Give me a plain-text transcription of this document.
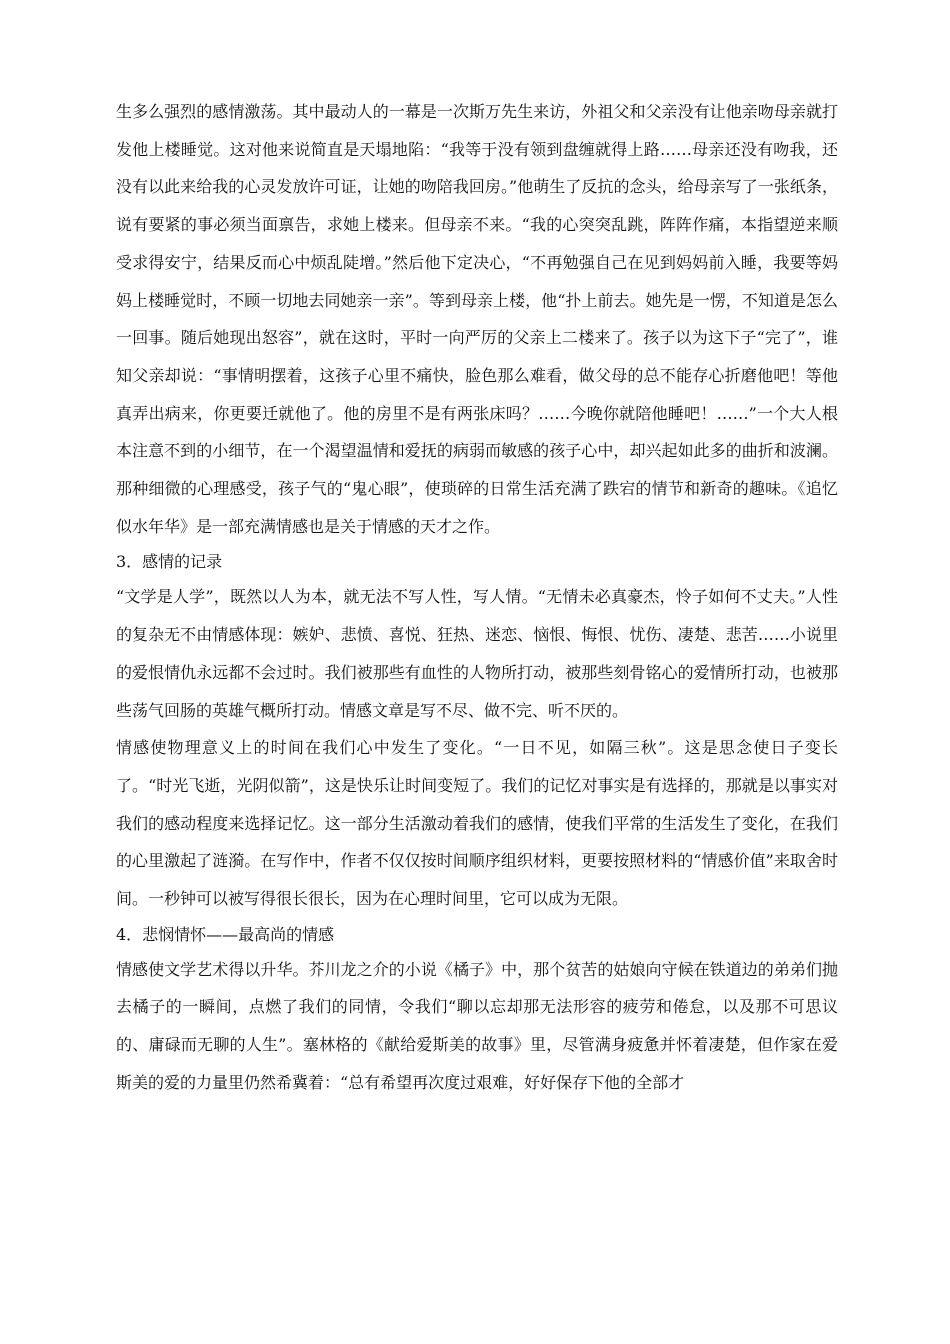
生多么强烈的感情激荡。其中最动人的一幕是一次斯万先生来访，外祖父和父亲没有让他亲吻母亲就打发他上楼睡觉。这对他来说简直是天塌地陷：“我等于没有领到盘缠就得上路……母亲还没有吻我，还没有以此来给我的心灵发放许可证，让她的吻陪我回房。”他萌生了反抗的念头，给母亲写了一张纸条，说有要紧的事必须当面禀告，求她上楼来。但母亲不来。“我的心突突乱跳，阵阵作痛，本指望逆来顺受求得安宁，结果反而心中烦乱陡增。”然后他下定决心，“不再勉强自己在见到妈妈前入睡，我要等妈妈上楼睡觉时，不顾一切地去同她亲一亲”。等到母亲上楼，他“扑上前去。她先是一愣，不知道是怎么一回事。随后她现出怒容”，就在这时，平时一向严厉的父亲上二楼来了。孩子以为这下子“完了”，谁知父亲却说：“事情明摆着，这孩子心里不痛快，脸色那么难看，做父母的总不能存心折磨他吧！等他真弄出病来，你更要迁就他了。他的房里不是有两张床吗？……今晚你就陪他睡吧！……”一个大人根本注意不到的小细节，在一个渴望温情和爱抚的病弱而敏感的孩子心中，却兴起如此多的曲折和波澜。那种细微的心理感受，孩子气的“鬼心眼”，使琐碎的日常生活充满了跌宕的情节和新奇的趣味。《追忆似水年华》是一部充满情感也是关于情感的天才之作。

3．感情的记录

“文学是人学”，既然以人为本，就无法不写人性，写人情。“无情未必真豪杰，怜子如何不丈夫。”人性的复杂无不由情感体现：嫉妒、悲愤、喜悦、狂热、迷恋、恼恨、悔恨、忧伤、凄楚、悲苦……小说里的爱恨情仇永远都不会过时。我们被那些有血性的人物所打动，被那些刻骨铭心的爱情所打动，也被那些荡气回肠的英雄气概所打动。情感文章是写不尽、做不完、听不厌的。

情感使物理意义上的时间在我们心中发生了变化。“一日不见，如隔三秋”。这是思念使日子变长了。“时光飞逝，光阴似箭”，这是快乐让时间变短了。我们的记忆对事实是有选择的，那就是以事实对我们的感动程度来选择记忆。这一部分生活激动着我们的感情，使我们平常的生活发生了变化，在我们的心里激起了涟漪。在写作中，作者不仅仅按时间顺序组织材料，更要按照材料的“情感价值”来取舍时间。一秒钟可以被写得很长很长，因为在心理时间里，它可以成为无限。

4．悲悯情怀——最高尚的情感

情感使文学艺术得以升华。芥川龙之介的小说《橘子》中，那个贫苦的姑娘向守候在铁道边的弟弟们抛去橘子的一瞬间，点燃了我们的同情，令我们“聊以忘却那无法形容的疲劳和倦怠，以及那不可思议的、庸碌而无聊的人生”。塞林格的《献给爱斯美的故事》里，尽管满身疲惫并怀着凄楚，但作家在爱斯美的爱的力量里仍然希冀着：“总有希望再次度过艰难，好好保存下他的全部才
